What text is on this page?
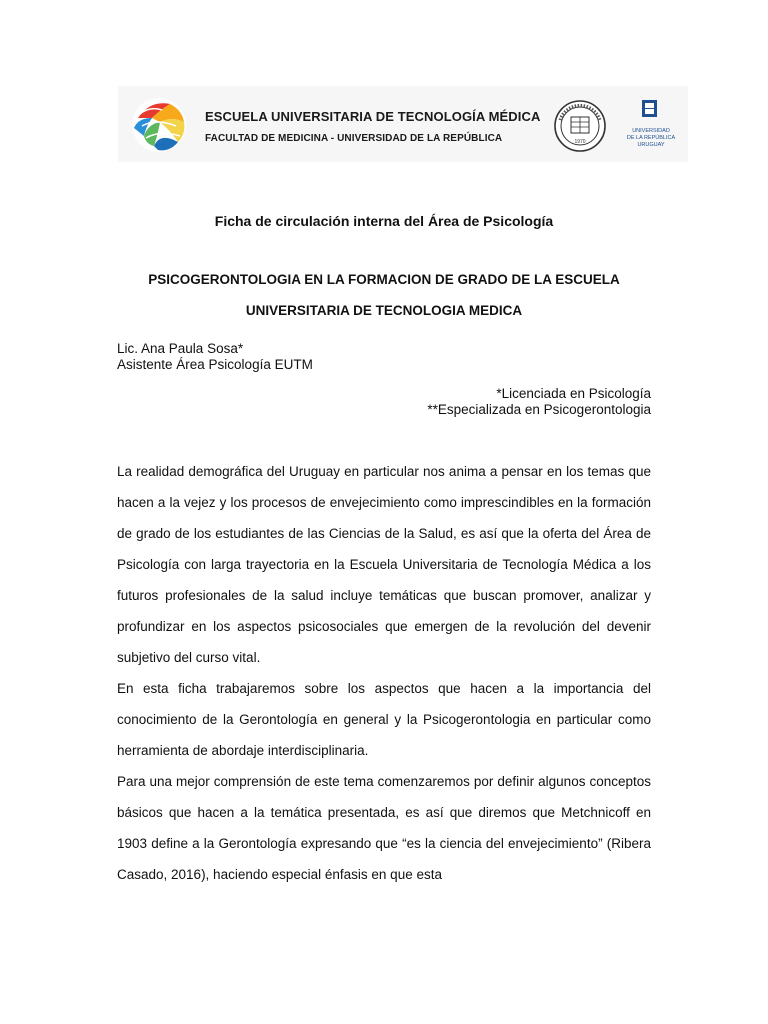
ESCUELA UNIVERSITARIA DE TECNOLOGÍA MÉDICA
FACULTAD DE MEDICINA - UNIVERSIDAD DE LA REPÚBLICA	1970
UNIVERSIDAD
DE LA REPÚBLICA
URUGUAY
Ficha de circulación interna del Área de Psicología
PSICOGERONTOLOGIA EN LA FORMACION DE GRADO DE LA ESCUELA
UNIVERSITARIA DE TECNOLOGIA MEDICA
Lic. Ana Paula Sosa*
Asistente Área Psicología EUTM
*Licenciada en Psicología
**Especializada en Psicogerontologia

La realidad demográfica del Uruguay en particular nos anima a pensar en los temas que hacen a la vejez y los procesos de envejecimiento como imprescindibles en la formación de grado de los estudiantes de las Ciencias de la Salud, es así que la oferta del Área de Psicología con larga trayectoria en la Escuela Universitaria de Tecnología Médica a los futuros profesionales de la salud incluye temáticas que buscan promover, analizar y profundizar en los aspectos psicosociales que emergen de la revolución del devenir subjetivo del curso vital.

En esta ficha trabajaremos sobre los aspectos que hacen a la importancia del conocimiento de la Gerontología en general y la Psicogerontologia en particular como herramienta de abordaje interdisciplinaria.

Para una mejor comprensión de este tema comenzaremos por definir algunos conceptos básicos que hacen a la temática presentada, es así que diremos que Metchnicoff en 1903 define a la Gerontología expresando que “es la ciencia del envejecimiento” (Ribera Casado, 2016), haciendo especial énfasis en que esta
